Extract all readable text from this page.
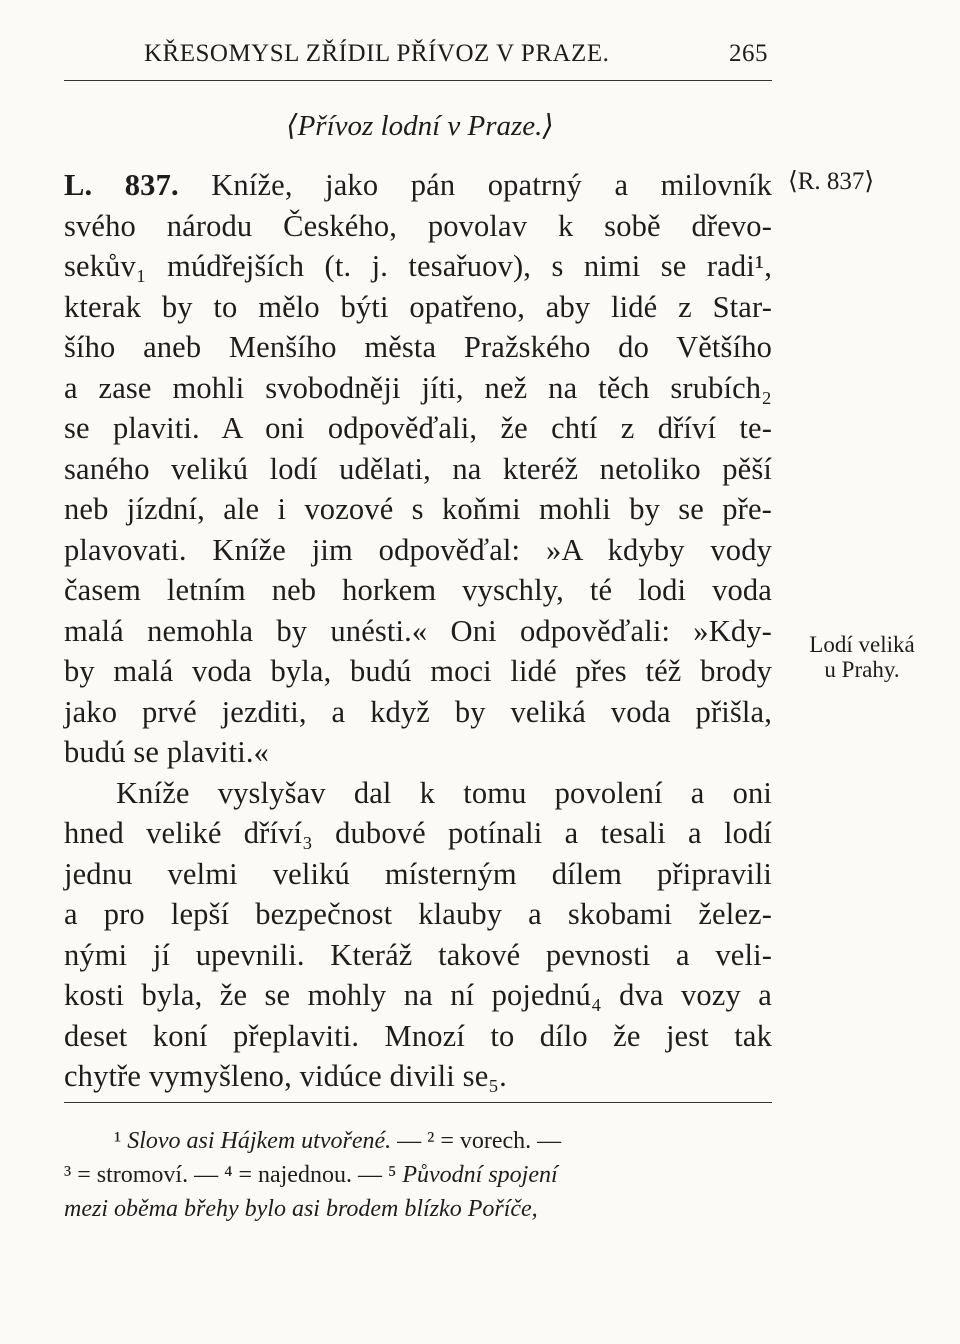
KŘESOMYSL ZŘÍDIL PŘÍVOZ V PRAZE.	265
⟨Přívoz lodní v Praze.⟩
⟨R. 837⟩
Lodí veliká
u Prahy.
L. 837. Kníže, jako pán opatrný a milovník
svého národu Českého, povolav k sobě dřevo-
sekův₁ múdřejších (t. j. tesařuov), s nimi se radi¹,
kterak by to mělo býti opatřeno, aby lidé z Star-
šího aneb Menšího města Pražského do Většího
a zase mohli svobodněji jíti, než na těch srubích₂
se plaviti. A oni odpověďali, že chtí z dříví te-
saného velikú lodí udělati, na kteréž netoliko pěší
neb jízdní, ale i vozové s koňmi mohli by se pře-
plavovati. Kníže jim odpověďal: »A kdyby vody
časem letním neb horkem vyschly, té lodi voda
malá nemohla by unésti.« Oni odpověďali: »Kdy-
by malá voda byla, budú moci lidé přes též brody
jako prvé jezditi, a když by veliká voda přišla,
budú se plaviti.«
Kníže vyslyšav dal k tomu povolení a oni
hned veliké dříví₃ dubové potínali a tesali a lodí
jednu velmi velikú místerným dílem připravili
a pro lepší bezpečnost klauby a skobami želez-
nými jí upevnili. Kteráž takové pevnosti a veli-
kosti byla, že se mohly na ní pojednú₄ dva vozy a
deset koní přeplaviti. Mnozí to dílo že jest tak
chytře vymyšleno, vidúce divili se₅.
¹ Slovo asi Hájkem utvořené. — ² = vorech. —
³ = stromoví. — ⁴ = najednou. — ⁵ Původní spojení
mezi oběma břehy bylo asi brodem blízko Poříče,
